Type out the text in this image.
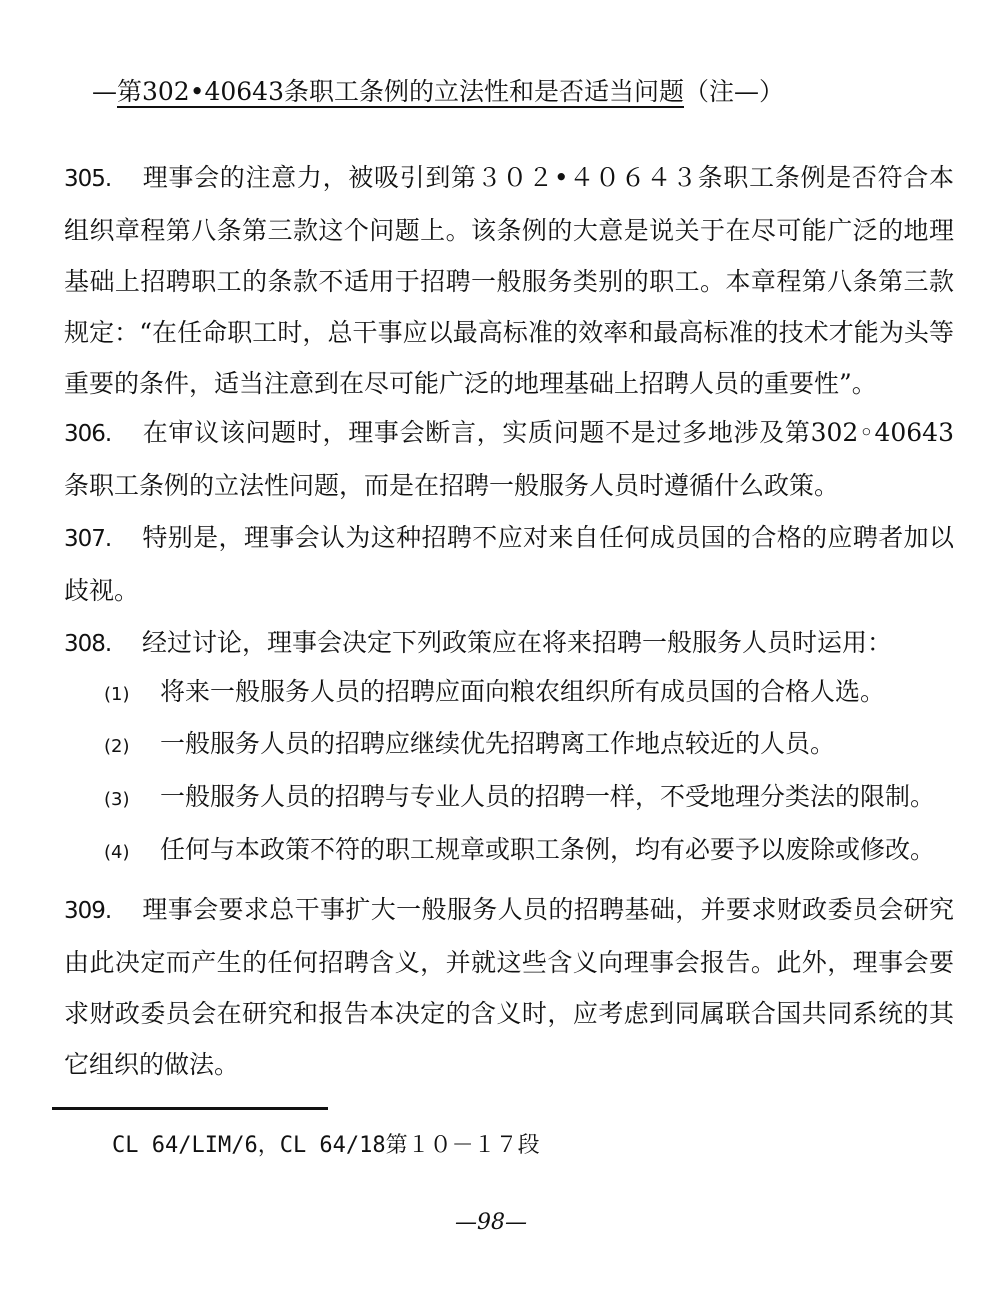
—第302•40643条职工条例的立法性和是否适当问题（注—）
305. 理事会的注意力，被吸引到第３０２•４０６４３条职工条例是否符合本组织章程第八条第三款这个问题上。该条例的大意是说关于在尽可能广泛的地理基础上招聘职工的条款不适用于招聘一般服务类别的职工。本章程第八条第三款规定：“在任命职工时，总干事应以最高标准的效率和最高标准的技术才能为头等重要的条件，适当注意到在尽可能广泛的地理基础上招聘人员的重要性”。
306. 在审议该问题时，理事会断言，实质问题不是过多地涉及第302◦40643条职工条例的立法性问题，而是在招聘一般服务人员时遵循什么政策。
307. 特别是，理事会认为这种招聘不应对来自任何成员国的合格的应聘者加以歧视。
308. 经过讨论，理事会决定下列政策应在将来招聘一般服务人员时运用：
(1) 将来一般服务人员的招聘应面向粮农组织所有成员国的合格人选。
(2) 一般服务人员的招聘应继续优先招聘离工作地点较近的人员。
(3) 一般服务人员的招聘与专业人员的招聘一样，不受地理分类法的限制。
(4) 任何与本政策不符的职工规章或职工条例，均有必要予以废除或修改。
309. 理事会要求总干事扩大一般服务人员的招聘基础，并要求财政委员会研究由此决定而产生的任何招聘含义，并就这些含义向理事会报告。此外，理事会要求财政委员会在研究和报告本决定的含义时，应考虑到同属联合国共同系统的其它组织的做法。
CL 64/LIM/6，CL 64/18第１０－１７段
—98—
